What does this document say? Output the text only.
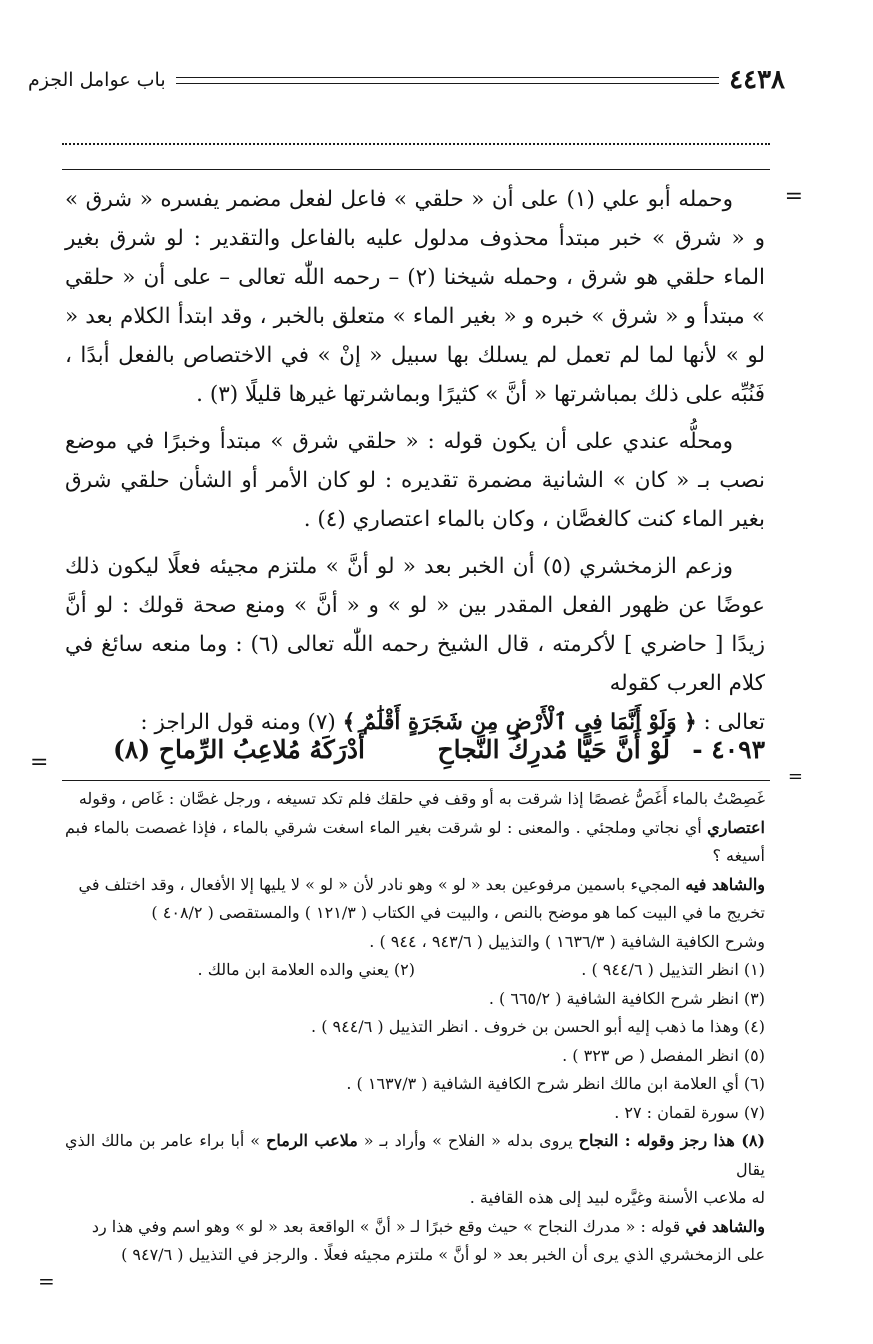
باب عوامل الجزم	٤٤٣٨
=

وحمله أبو علي (١) على أن « حلقي » فاعل لفعل مضمر يفسره « شرق » و « شرق » خبر مبتدأ محذوف مدلول عليه بالفاعل والتقدير : لو شرق بغير الماء حلقي هو شرق ، وحمله شيخنا (٢) – رحمه اللّٰه تعالى – على أن « حلقي » مبتدأ و « شرق » خبره و « بغير الماء » متعلق بالخبر ، وقد ابتدأ الكلام بعد « لو » لأنها لما لم تعمل لم يسلك بها سبيل « إنْ » في الاختصاص بالفعل أبدًا ، فَنُبِّه على ذلك بمباشرتها « أنَّ » كثيرًا وبماشرتها غيرها قليلًا (٣) .

ومحلُّه عندي على أن يكون قوله : « حلقي شرق » مبتدأ وخبرًا في موضع نصب بـ « كان » الشانية مضمرة تقديره : لو كان الأمر أو الشأن حلقي شرق بغير الماء كنت كالغصَّان ، وكان بالماء اعتصاري (٤) .

وزعم الزمخشري (٥) أن الخبر بعد « لو أنَّ » ملتزم مجيئه فعلًا ليكون ذلك عوضًا عن ظهور الفعل المقدر بين « لو » و « أنَّ » ومنع صحة قولك : لو أنَّ زيدًا [ حاضري ] لأكرمته ، قال الشيخ رحمه اللّٰه تعالى (٦) : وما منعه سائغ في كلام العرب كقوله

تعالى : ﴿ وَلَوْ أَنَّمَا فِى ٱلْأَرْضِ مِن شَجَرَةٍ أَقْلَٰمٌ ﴾ (٧) ومنه قول الراجز :

٤٠٩٣ -
لَوْ أَنَّ حَيًّا مُدرِكُ النَّجاحِ
أَدْرَكَهُ مُلاعِبُ الرِّماحِ (٨)
=
=

غَصِصْتُ بالماء أَغَصُّ غصصًا إذا شرقت به أو وقف في حلقك فلم تكد تسيغه ، ورجل غصَّان : غَاص ، وقوله

اعتصاري أي نجاتي وملجئي . والمعنى : لو شرقت بغير الماء اسغت شرقي بالماء ، فإذا غصصت بالماء فبم أسيغه ؟

والشاهد فيه المجيء باسمين مرفوعين بعد « لو » وهو نادر لأن « لو » لا يليها إلا الأفعال ، وقد اختلف في

تخريج ما في البيت كما هو موضح بالنص ، والبيت في الكتاب ( ١٢١/٣ ) والمستقصى ( ٤٠٨/٢ )

وشرح الكافية الشافية ( ١٦٣٦/٣ ) والتذييل ( ٩٤٣/٦ ، ٩٤٤ ) .

(١) انظر التذييل ( ٩٤٤/٦ ) .
(٢) يعني والده العلامة ابن مالك .

(٣) انظر شرح الكافية الشافية ( ٦٦٥/٢ ) .

(٤) وهذا ما ذهب إليه أبو الحسن بن خروف . انظر التذييل ( ٩٤٤/٦ ) .

(٥) انظر المفصل ( ص ٣٢٣ ) .

(٦) أي العلامة ابن مالك انظر شرح الكافية الشافية ( ١٦٣٧/٣ ) .

(٧) سورة لقمان : ٢٧ .

(٨) هذا رجز وقوله : النجاح يروى بدله « الفلاح » وأراد بـ « ملاعب الرماح » أبا براء عامر بن مالك الذي يقال

له ملاعب الأسنة وغيَّره لبيد إلى هذه القافية .

والشاهد في قوله : « مدرك النجاح » حيث وقع خبرًا لـ « أنَّ » الواقعة بعد « لو » وهو اسم وفي هذا رد

على الزمخشري الذي يرى أن الخبر بعد « لو أنَّ » ملتزم مجيئه فعلًا . والرجز في التذييل ( ٩٤٧/٦ )

=
